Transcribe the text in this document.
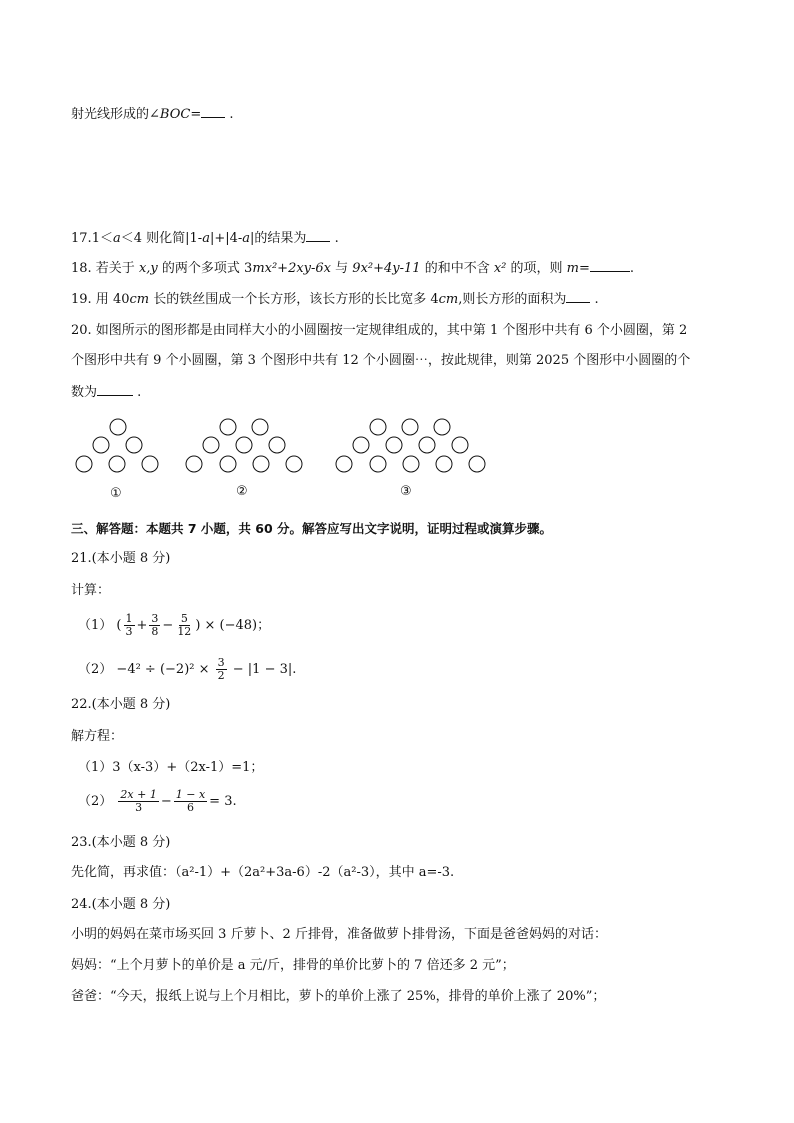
射光线形成的∠BOC= .
17.1＜a＜4 则化简|1-a|+|4-a|的结果为 .
18. 若关于 x,y 的两个多项式 3mx²+2xy-6x 与 9x²+4y-11 的和中不含 x² 的项，则 m=	.
19. 用 40cm 长的铁丝围成一个长方形，该长方形的长比宽多 4cm,则长方形的面积为 .
20. 如图所示的图形都是由同样大小的小圆圈按一定规律组成的，其中第 1 个图形中共有 6 个小圆圈，第 2
个图形中共有 9 个小圆圈，第 3 个图形中共有 12 个小圆圈⋯，按此规律，则第 2025 个图形中小圆圈的个
数为	.
①	②	③
三、解答题：本题共 7 小题，共 60 分。解答应写出文字说明，证明过程或演算步骤。
21.(本小题 8 分)
计算：
（1） ( $\frac{1}{3} + \frac{3}{8} - \frac{5}{12}$ ) × (−48)；
$(2) -4^2 \div (-2)^2 \times \frac{3}{2} - |1 - 3|$.
22.(本小题 8 分)
解方程：
（1）3（x-3）+（2x-1）=1；
$(2) \frac{2x + 1}{3} - \frac{1 - x}{6} = 3$.
23.(本小题 8 分)
先化简，再求值：（a²-1）+（2a²+3a-6）-2（a²-3），其中 a=-3.
24.(本小题 8 分)
小明的妈妈在菜市场买回 3 斤萝卜、2 斤排骨，准备做萝卜排骨汤，下面是爸爸妈妈的对话：
妈妈：“上个月萝卜的单价是 a 元/斤，排骨的单价比萝卜的 7 倍还多 2 元”；
爸爸：“今天，报纸上说与上个月相比，萝卜的单价上涨了 25%，排骨的单价上涨了 20%”；
